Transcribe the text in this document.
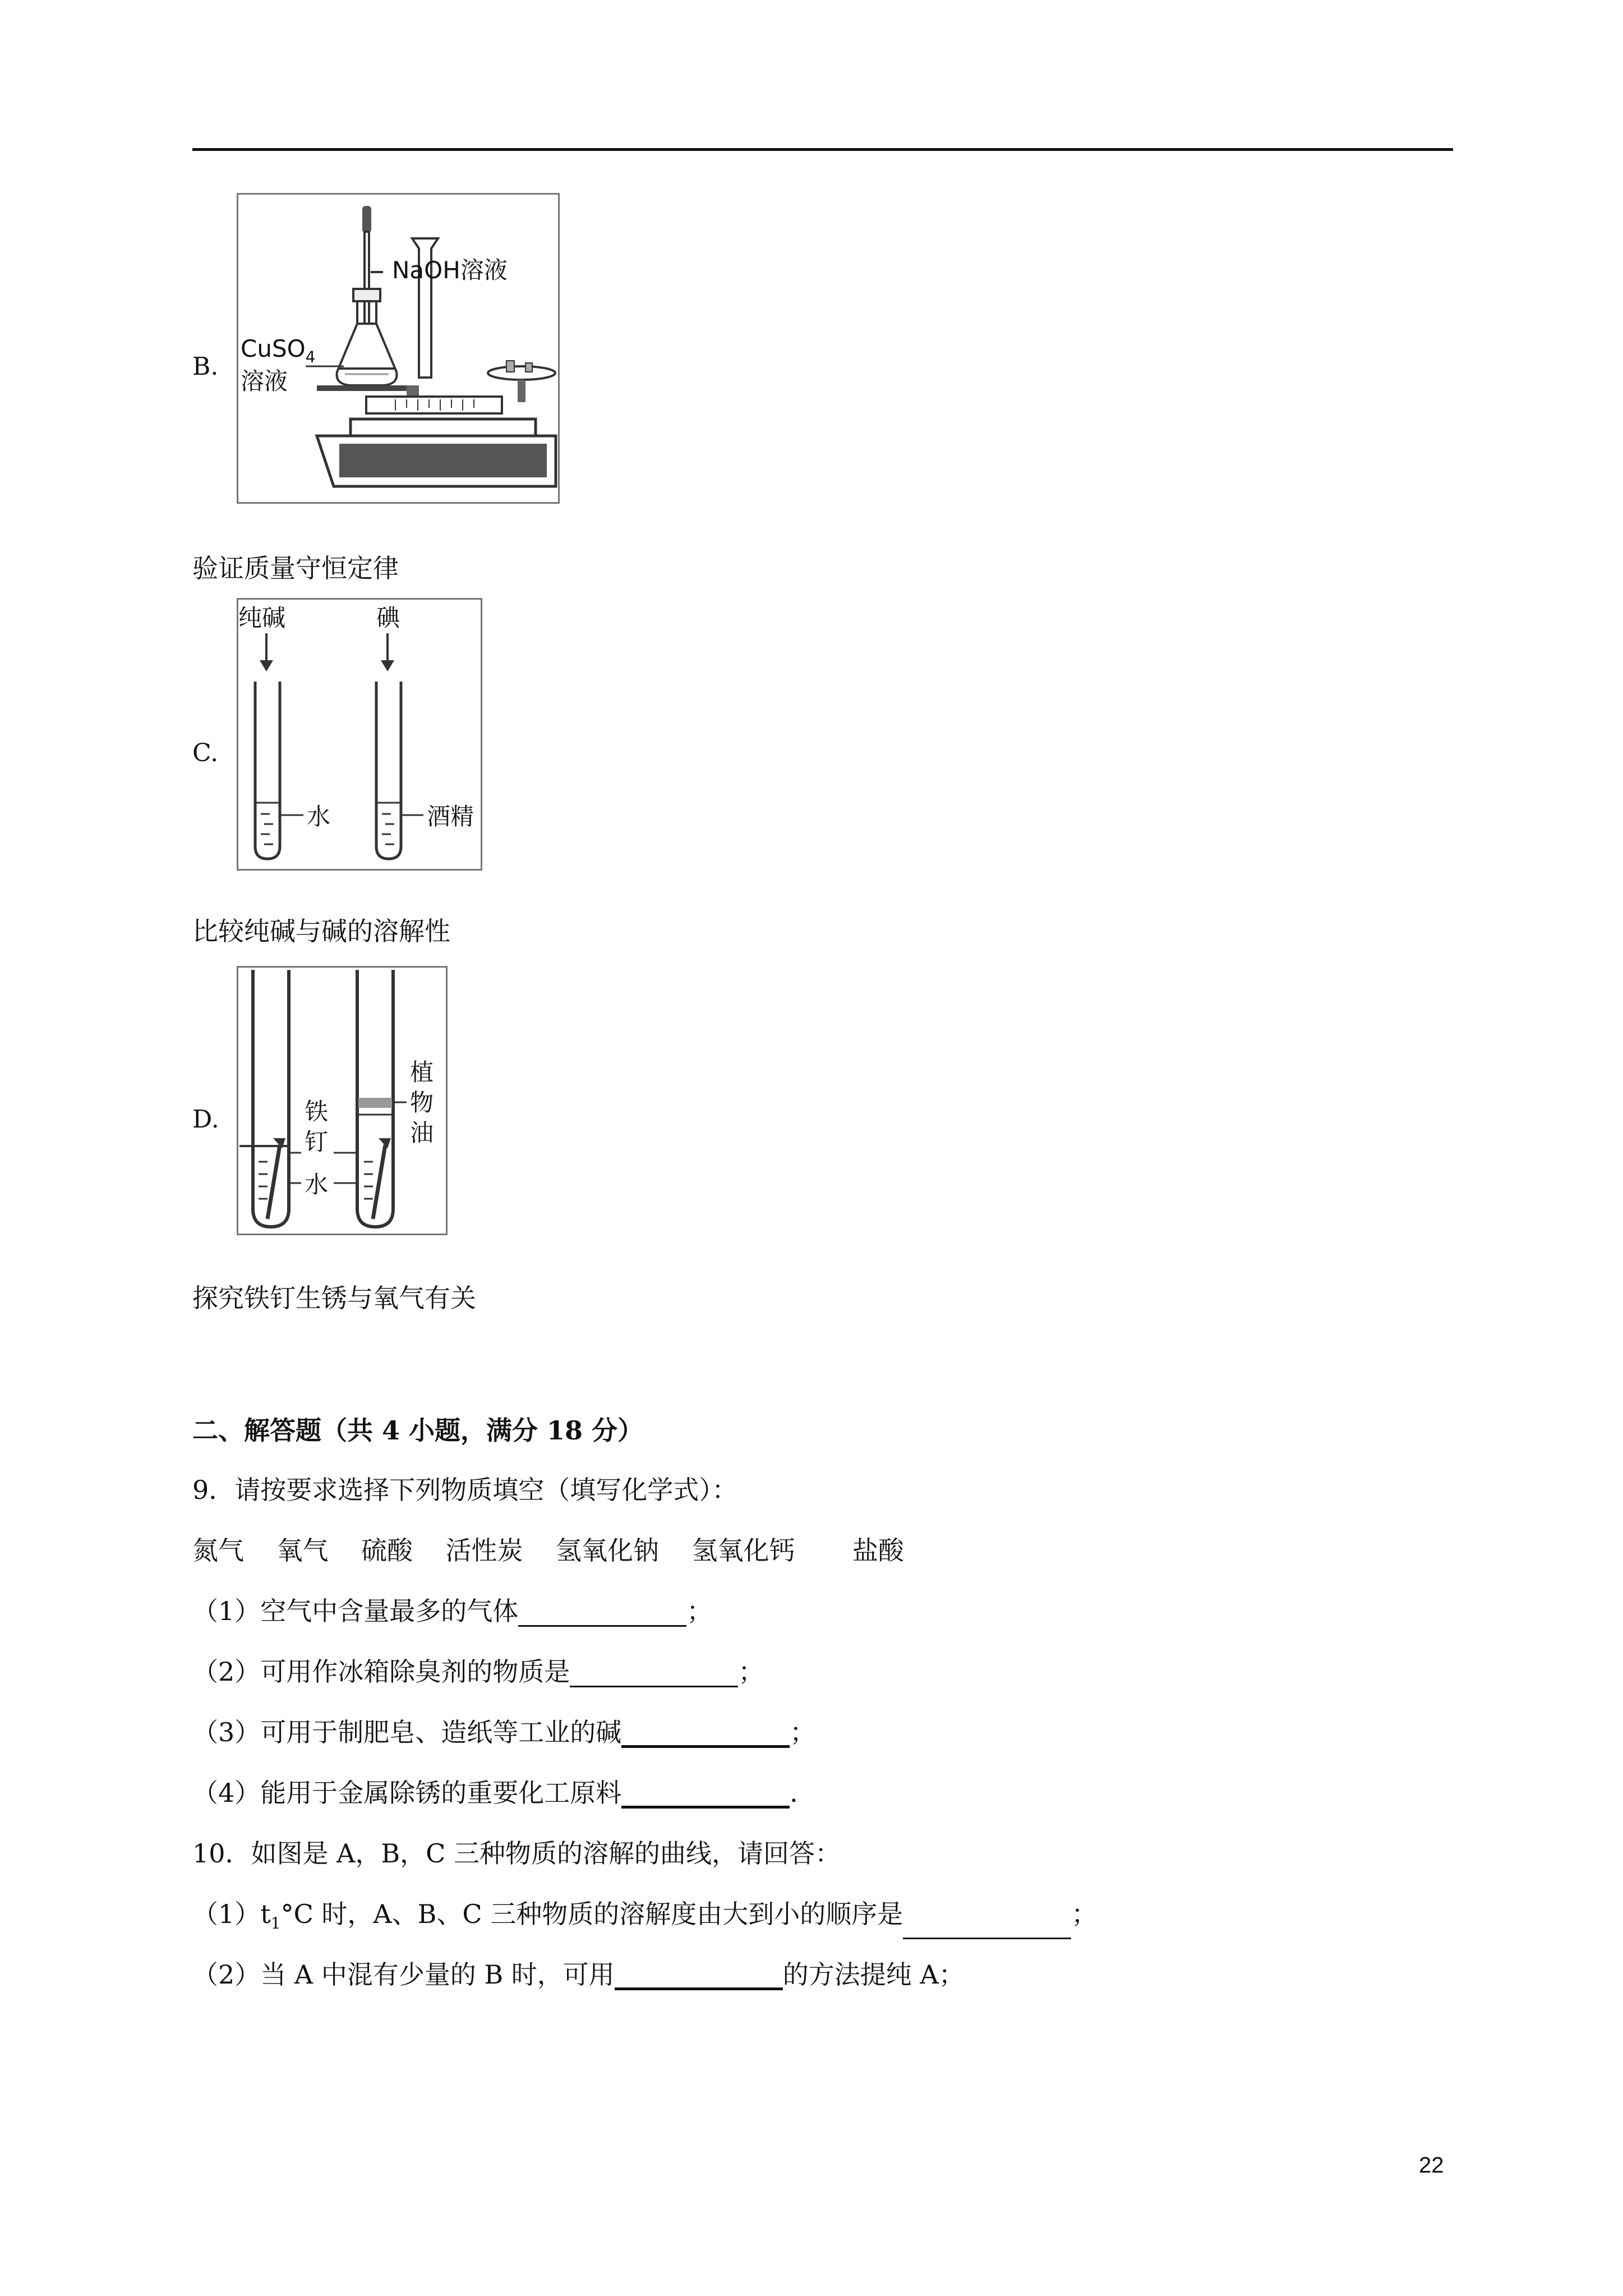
B.
NaOH溶液
CuSO$_4$
溶液
验证质量守恒定律
C.
纯碱	碘
水	酒精
比较纯碱与碱的溶解性
D.	铁钉
水
植物油
探究铁钉生锈与氧气有关
二、解答题（共 4 小题，满分 18 分）
9．请按要求选择下列物质填空（填写化学式）：
氮气 氧气 硫酸 活性炭 氢氧化钠 氢氧化钙 盐酸
（1）空气中含量最多的气体	；
（2）可用作冰箱除臭剂的物质是	；
（3）可用于制肥皂、造纸等工业的碱	；
（4）能用于金属除锈的重要化工原料	．
10．如图是 A，B，C 三种物质的溶解的曲线，请回答：
$(1)t_1^\circ C$ 时，A、B、C 三种物质的溶解度由大到小的顺序是	；
（2）当 A 中混有少量的 B 时，可用	的方法提纯 A；
22
